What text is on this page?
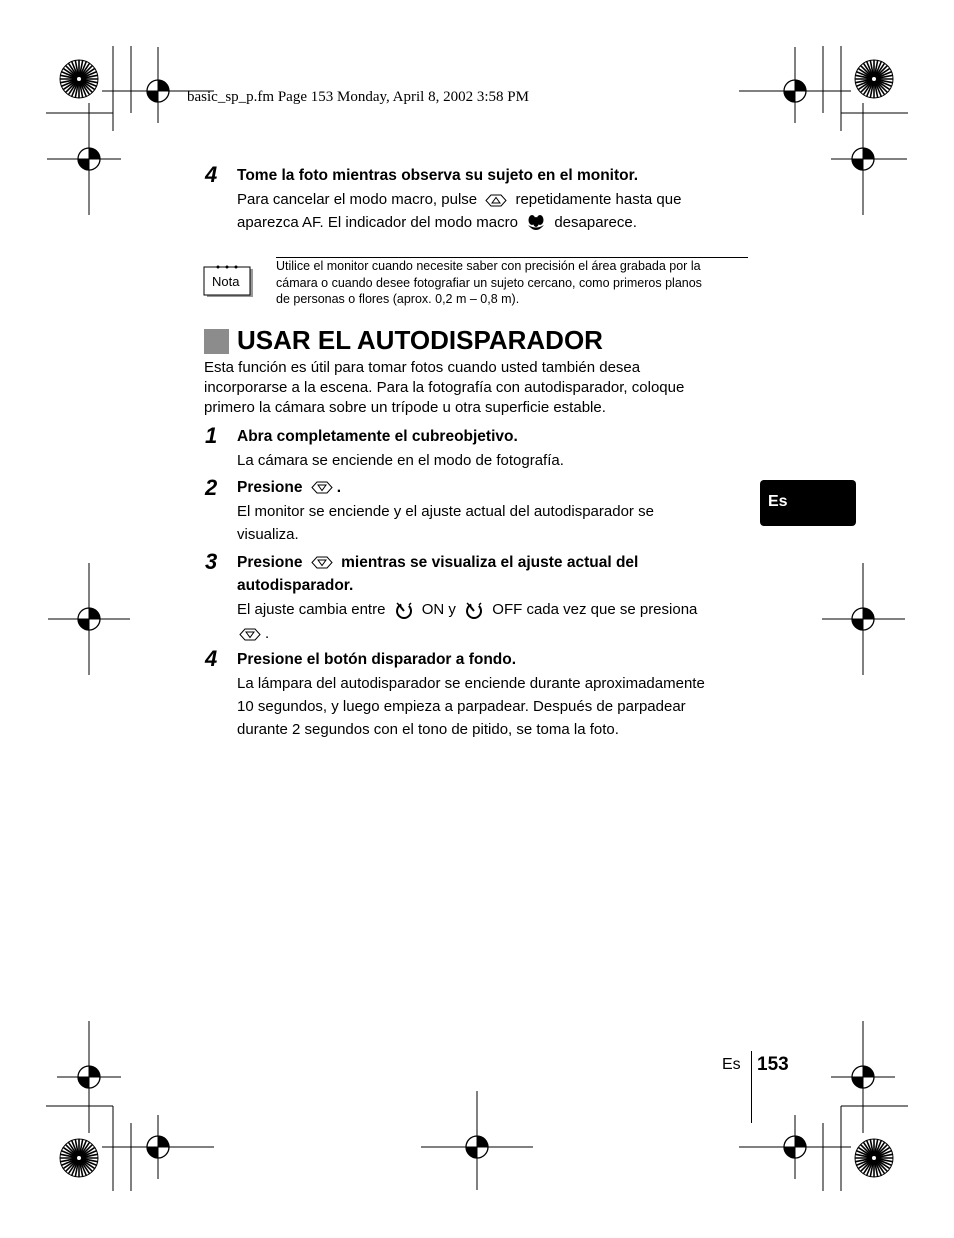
basic_sp_p.fm Page 153 Monday, April 8, 2002 3:58 PM
4 Tome la foto mientras observa su sujeto en el monitor.
Para cancelar el modo macro, pulse	repetidamente hasta que
aparezca AF. El indicador del modo macro desaparece.
Nota
Utilice el monitor cuando necesite saber con precisión el área grabada por la
cámara o cuando desee fotografiar un sujeto cercano, como primeros planos
de personas o flores (aprox. 0,2 m – 0,8 m).
USAR EL AUTODISPARADOR
Esta función es útil para tomar fotos cuando usted también desea
incorporarse a la escena. Para la fotografía con autodisparador, coloque
primero la cámara sobre un trípode u otra superficie estable.
1 Abra completamente el cubreobjetivo.
La cámara se enciende en el modo de fotografía.
2 Presione .
El monitor se enciende y el ajuste actual del autodisparador se
visualiza.
3 Presione mientras se visualiza el ajuste actual del
autodisparador.
El ajuste cambia entre ON y OFF cada vez que se presiona
.
4 Presione el botón disparador a fondo.
La lámpara del autodisparador se enciende durante aproximadamente
10 segundos, y luego empieza a parpadear. Después de parpadear
durante 2 segundos con el tono de pitido, se toma la foto.
Es
Es 153
